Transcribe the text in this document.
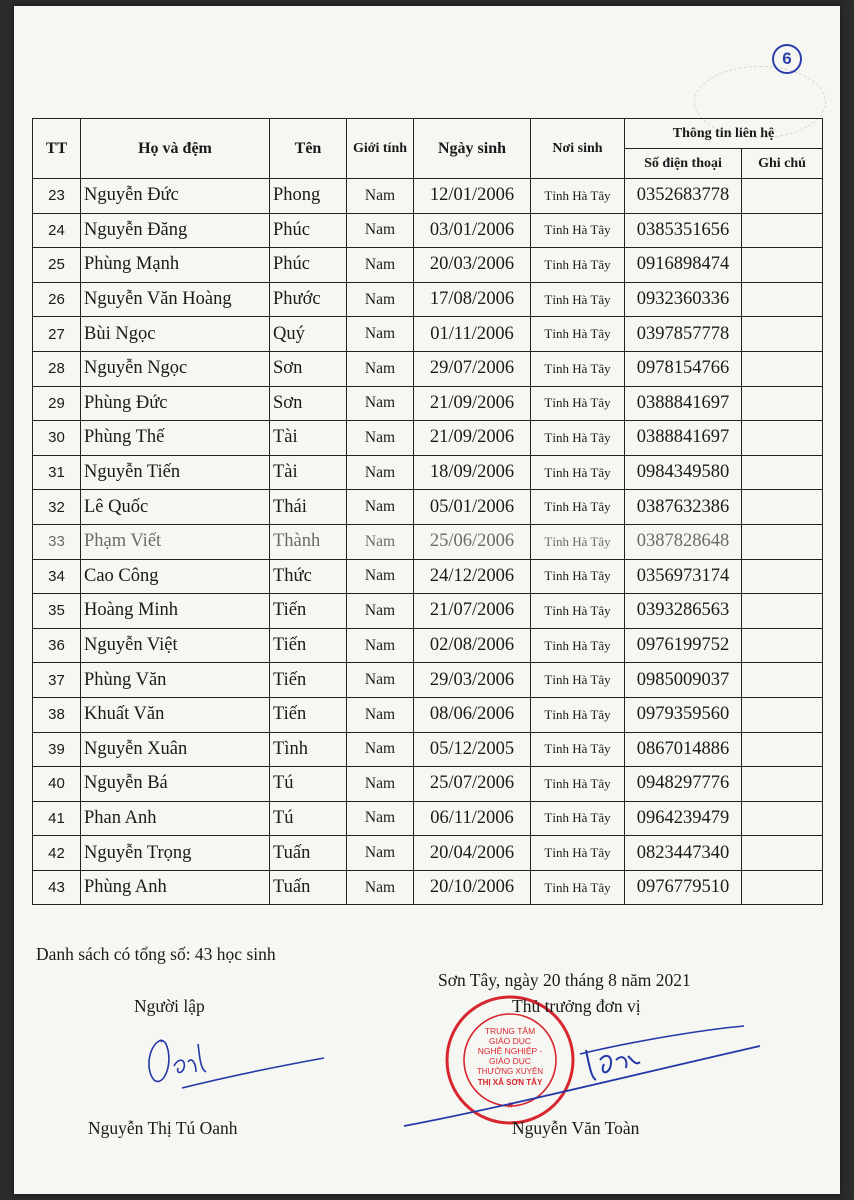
6
TT	Họ và đệm	Tên	Giới tính	Ngày sinh	Nơi sinh	Thông tin liên hệ	
						Số điện thoại	Ghi chú
23	Nguyễn Đức	Phong	Nam	12/01/2006	Tỉnh Hà Tây	0352683778	
24	Nguyễn Đăng	Phúc	Nam	03/01/2006	Tỉnh Hà Tây	0385351656	
25	Phùng Mạnh	Phúc	Nam	20/03/2006	Tỉnh Hà Tây	0916898474	
26	Nguyễn Văn Hoàng	Phước	Nam	17/08/2006	Tỉnh Hà Tây	0932360336	
27	Bùi Ngọc	Quý	Nam	01/11/2006	Tỉnh Hà Tây	0397857778	
28	Nguyễn Ngọc	Sơn	Nam	29/07/2006	Tỉnh Hà Tây	0978154766	
29	Phùng Đức	Sơn	Nam	21/09/2006	Tỉnh Hà Tây	0388841697	
30	Phùng Thế	Tài	Nam	21/09/2006	Tỉnh Hà Tây	0388841697	
31	Nguyễn Tiến	Tài	Nam	18/09/2006	Tỉnh Hà Tây	0984349580	
32	Lê Quốc	Thái	Nam	05/01/2006	Tỉnh Hà Tây	0387632386	
33	Phạm Viết	Thành	Nam	25/06/2006	Tỉnh Hà Tây	0387828648	
34	Cao Công	Thức	Nam	24/12/2006	Tỉnh Hà Tây	0356973174	
35	Hoàng Minh	Tiến	Nam	21/07/2006	Tỉnh Hà Tây	0393286563	
36	Nguyễn Việt	Tiến	Nam	02/08/2006	Tỉnh Hà Tây	0976199752	
37	Phùng Văn	Tiến	Nam	29/03/2006	Tỉnh Hà Tây	0985009037	
38	Khuất Văn	Tiến	Nam	08/06/2006	Tỉnh Hà Tây	0979359560	
39	Nguyễn Xuân	Tình	Nam	05/12/2005	Tỉnh Hà Tây	0867014886	
40	Nguyễn Bá	Tú	Nam	25/07/2006	Tỉnh Hà Tây	0948297776	
41	Phan Anh	Tú	Nam	06/11/2006	Tỉnh Hà Tây	0964239479	
42	Nguyễn Trọng	Tuấn	Nam	20/04/2006	Tỉnh Hà Tây	0823447340	
43	Phùng Anh	Tuấn	Nam	20/10/2006	Tỉnh Hà Tây	0976779510	
Danh sách có tổng số: 43 học sinh
Sơn Tây, ngày 20 tháng 8 năm 2021
Người lập	Thủ trưởng đơn vị
Nguyễn Thị Tú Oanh	Nguyễn Văn Toàn
TRUNG TÂM
GIÁO DỤC
NGHỀ NGHIỆP -
GIÁO DỤC
THƯỜNG XUYÊN
THỊ XÃ SƠN TÂY
★
